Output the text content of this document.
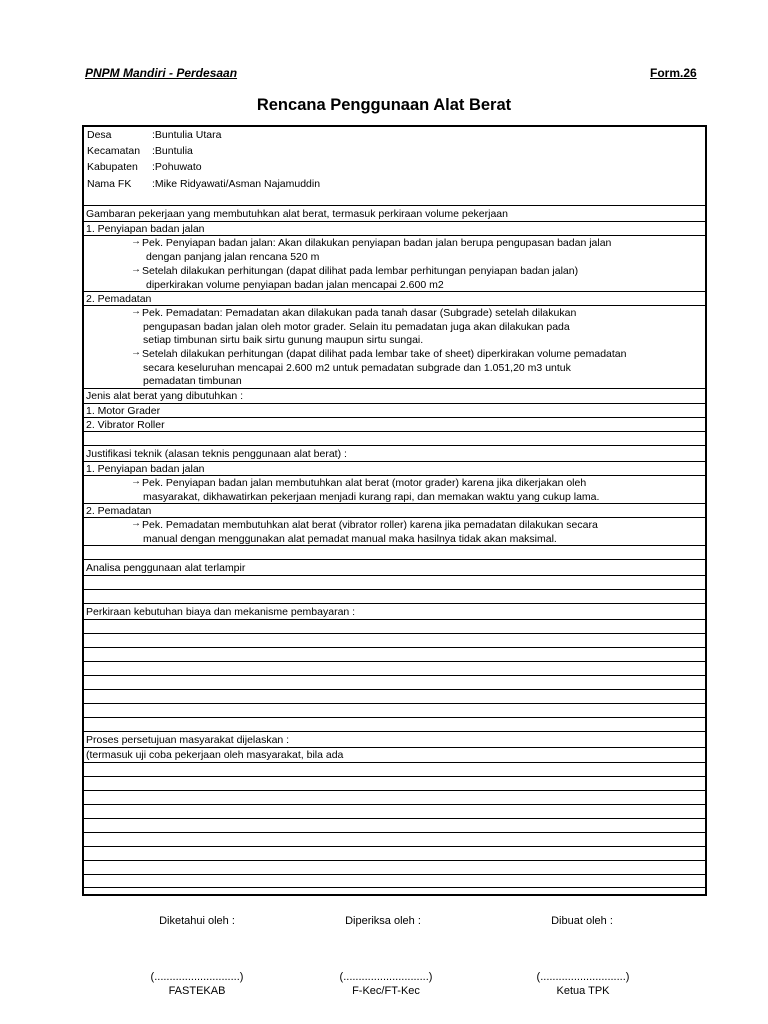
PNPM Mandiri - Perdesaan	Form.26
Rencana Penggunaan Alat Berat
Desa	:Buntulia Utara
Kecamatan :Buntulia
Kabupaten :Pohuwato
Nama FK :Mike Ridyawati/Asman Najamuddin
Gambaran pekerjaan yang membutuhkan alat berat, termasuk perkiraan volume pekerjaan
1. Penyiapan badan jalan
→ Pek. Penyiapan badan jalan: Akan dilakukan penyiapan badan jalan berupa pengupasan badan jalan
dengan panjang jalan rencana 520 m
→ Setelah dilakukan perhitungan (dapat dilihat pada lembar perhitungan penyiapan badan jalan)
diperkirakan volume penyiapan badan jalan mencapai 2.600 m2
2. Pemadatan
→ Pek. Pemadatan: Pemadatan akan dilakukan pada tanah dasar (Subgrade) setelah dilakukan
pengupasan badan jalan oleh motor grader. Selain itu pemadatan juga akan dilakukan pada
setiap timbunan sirtu baik sirtu gunung maupun sirtu sungai.
→ Setelah dilakukan perhitungan (dapat dilihat pada lembar take of sheet) diperkirakan volume pemadatan
secara keseluruhan mencapai 2.600 m2 untuk pemadatan subgrade dan 1.051,20 m3 untuk
pemadatan timbunan
Jenis alat berat yang dibutuhkan :
1. Motor Grader
2. Vibrator Roller
Justifikasi teknik (alasan teknis penggunaan alat berat) :
1. Penyiapan badan jalan
→ Pek. Penyiapan badan jalan membutuhkan alat berat (motor grader) karena jika dikerjakan oleh
masyarakat, dikhawatirkan pekerjaan menjadi kurang rapi, dan memakan waktu yang cukup lama.
2. Pemadatan
→ Pek. Pemadatan membutuhkan alat berat (vibrator roller) karena jika pemadatan dilakukan secara
manual dengan menggunakan alat pemadat manual maka hasilnya tidak akan maksimal.
Analisa penggunaan alat terlampir
Perkiraan kebutuhan biaya dan mekanisme pembayaran :
Proses persetujuan masyarakat dijelaskan :
(termasuk uji coba pekerjaan oleh masyarakat, bila ada
Diketahui oleh :	Diperiksa oleh :	Dibuat oleh :
(............................)	(............................)	(............................)
FASTEKAB	F-Kec/FT-Kec	Ketua TPK
